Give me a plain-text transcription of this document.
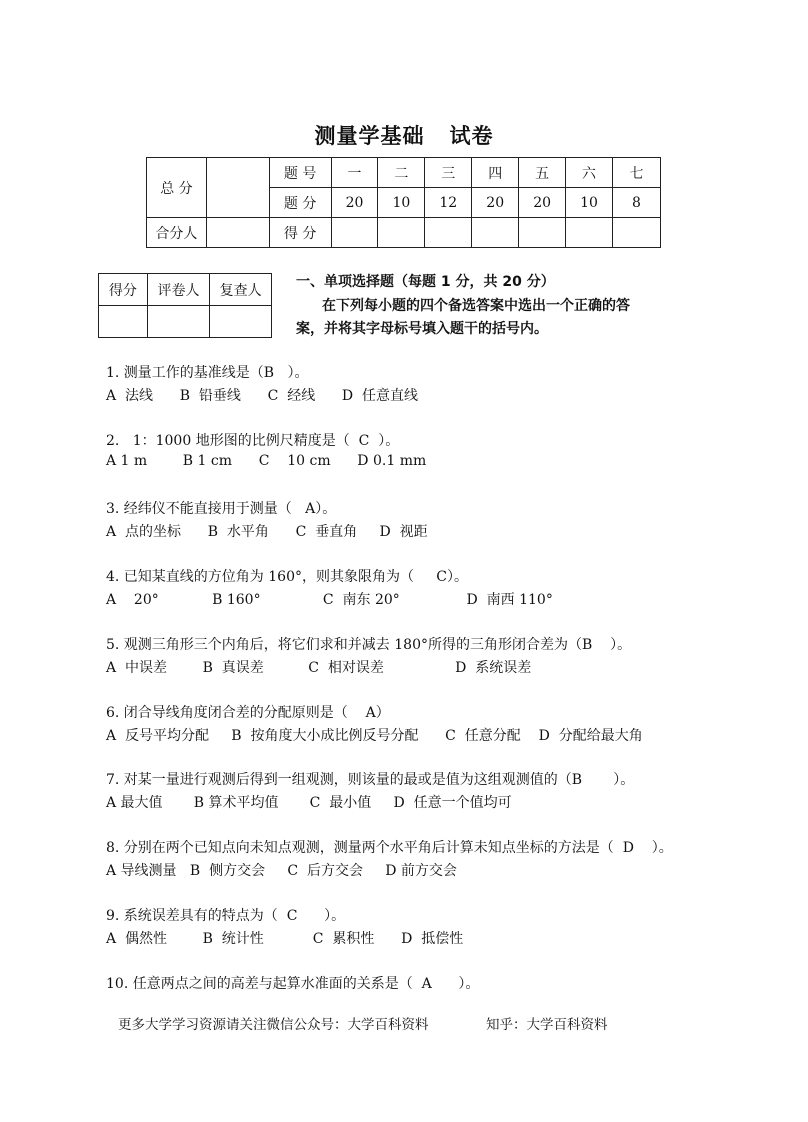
测量学基础   试卷
总 分		题 号	一	二	三	四	五	六	七
		题 分	20	10	12	20	20	10	8
合分人		得 分							
得分	评卷人	复查人

一、单项选择题（每题 1 分，共 20 分）
在下列每小题的四个备选答案中选出一个正确的答
案，并将其字母标号填入题干的括号内。
1. 测量工作的基准线是（B   ）。
A  法线      B  铅垂线      C  经线      D  任意直线
2.   1：1000 地形图的比例尺精度是（  C  ）。
A 1 m        B 1 cm      C    10 cm      D 0.1 mm
3. 经纬仪不能直接用于测量（   A）。
A  点的坐标      B  水平角      C  垂直角     D  视距
4. 已知某直线的方位角为 160°，则其象限角为（     C）。
A    20°            B 160°              C  南东 20°               D  南西 110°
5. 观测三角形三个内角后，将它们求和并减去 180°所得的三角形闭合差为（B    ）。
A  中误差        B  真误差          C  相对误差                D  系统误差
6. 闭合导线角度闭合差的分配原则是（    A）
A  反号平均分配     B  按角度大小成比例反号分配      C  任意分配    D  分配给最大角
7. 对某一量进行观测后得到一组观测，则该量的最或是值为这组观测值的（B       ）。
A 最大值       B 算术平均值       C  最小值     D  任意一个值均可
8. 分别在两个已知点向未知点观测，测量两个水平角后计算未知点坐标的方法是（  D    ）。
A 导线测量   B  侧方交会     C  后方交会     D 前方交会
9. 系统误差具有的特点为（  C      ）。
A  偶然性        B  统计性           C  累积性      D  抵偿性
10. 任意两点之间的高差与起算水准面的关系是（  A      ）。
更多大学学习资源请关注微信公众号：大学百科资料	知乎：大学百科资料
